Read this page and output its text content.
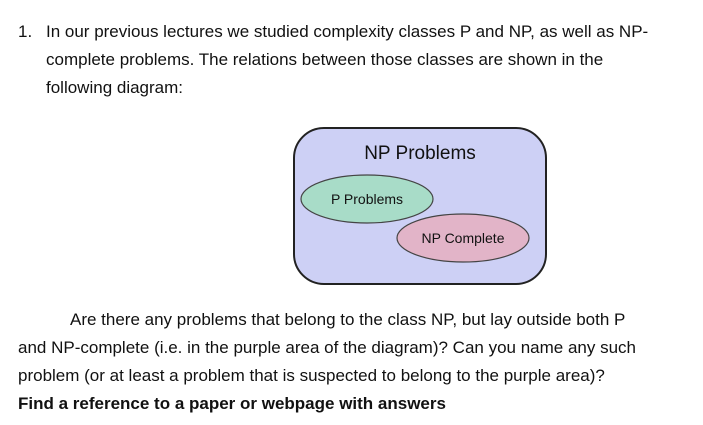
1. In our previous lectures we studied complexity classes P and NP, as well as NP-
complete problems. The relations between those classes are shown in the
following diagram:
NP Problems
P Problems
NP Complete
Are there any problems that belong to the class NP, but lay outside both P
and NP-complete (i.e. in the purple area of the diagram)? Can you name any such
problem (or at least a problem that is suspected to belong to the purple area)?
Find a reference to a paper or webpage with answers
